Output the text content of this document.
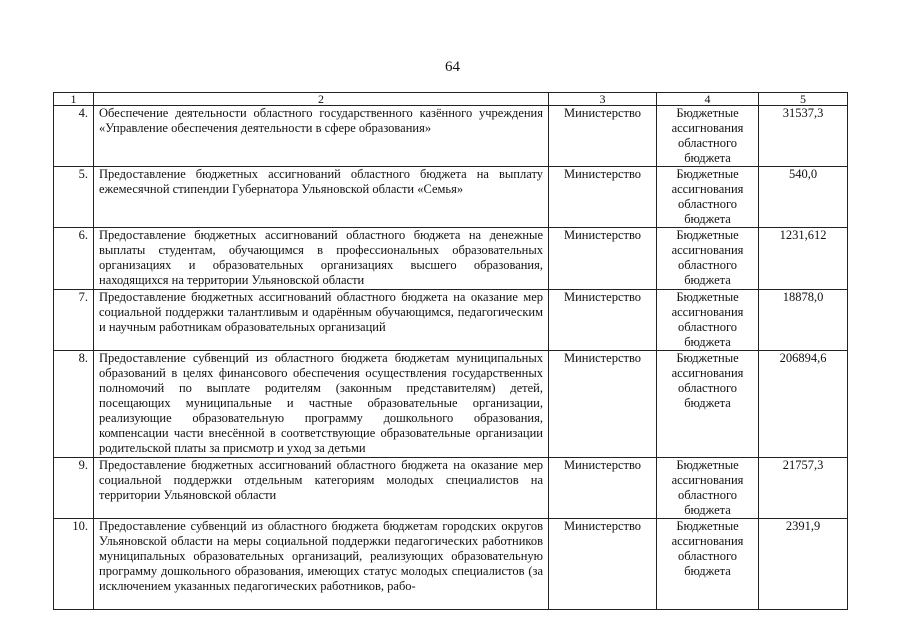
64
1	2	3	4	5
4.	Обеспечение деятельности областного государственного казённого учреждения «Управление обеспечения деятельности в сфере образования»	Министерство	Бюджетные ассигнования областного бюджета	31537,3
5.	Предоставление бюджетных ассигнований областного бюджета на выплату ежемесячной стипендии Губернатора Ульяновской области «Семья»	Министерство	Бюджетные ассигнования областного бюджета	540,0
6.	Предоставление бюджетных ассигнований областного бюджета на денежные выплаты студентам, обучающимся в профессиональных образовательных организациях и образовательных организациях высшего образования, находящихся на территории Ульяновской области	Министерство	Бюджетные ассигнования областного бюджета	1231,612
7.	Предоставление бюджетных ассигнований областного бюджета на оказание мер социальной поддержки талантливым и одарённым обучающимся, педагогическим и научным работникам образовательных организаций	Министерство	Бюджетные ассигнования областного бюджета	18878,0
8.	Предоставление субвенций из областного бюджета бюджетам муниципальных образований в целях финансового обеспечения осуществления государственных полномочий по выплате родителям (законным представителям) детей, посещающих муниципальные и частные образовательные организации, реализующие образовательную программу дошкольного образования, компенсации части внесённой в соответствующие образовательные организации родительской платы за присмотр и уход за детьми	Министерство	Бюджетные ассигнования областного бюджета	206894,6
9.	Предоставление бюджетных ассигнований областного бюджета на оказание мер социальной поддержки отдельным категориям молодых специалистов на территории Ульяновской области	Министерство	Бюджетные ассигнования областного бюджета	21757,3
10.	Предоставление субвенций из областного бюджета бюджетам городских округов Ульяновской области на меры социальной поддержки педагогических работников муниципальных образовательных организаций, реализующих образовательную программу дошкольного образования, имеющих статус молодых специалистов (за исключением указанных педагогических работников, рабо-	Министерство	Бюджетные ассигнования областного бюджета	2391,9
